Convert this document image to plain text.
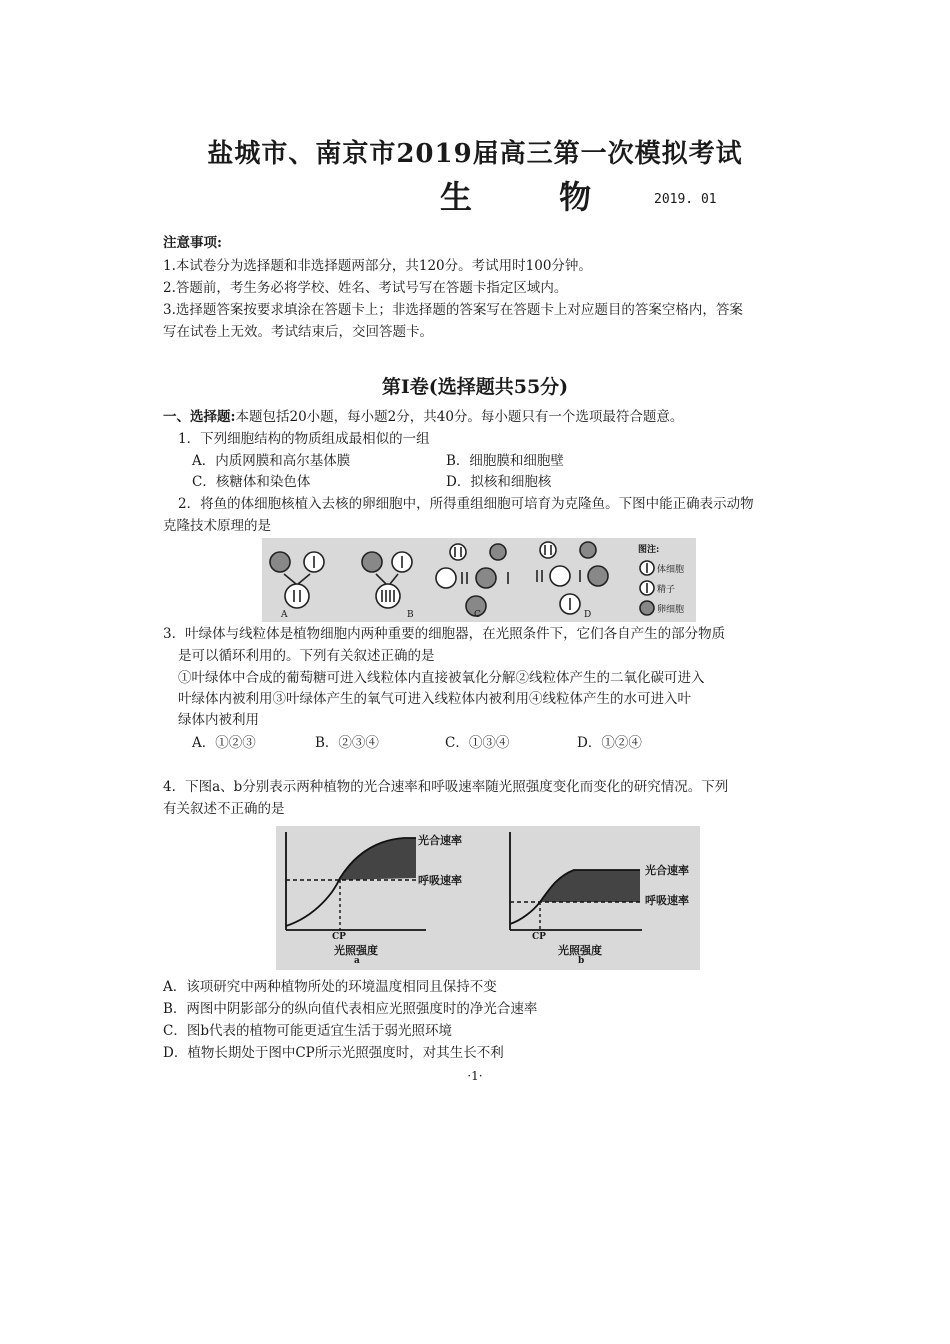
盐城市、南京市2019届高三第一次模拟考试
生 物 2019. 01
注意事项:
1.本试卷分为选择题和非选择题两部分，共120分。考试用时100分钟。
2.答题前，考生务必将学校、姓名、考试号写在答题卡指定区域内。
3.选择题答案按要求填涂在答题卡上；非选择题的答案写在答题卡上对应题目的答案空格内，答案
写在试卷上无效。考试结束后，交回答题卡。
第Ⅰ卷(选择题共55分)
一、选择题:本题包括20小题，每小题2分，共40分。每小题只有一个选项最符合题意。
1．下列细胞结构的物质组成最相似的一组
A．内质网膜和高尔基体膜	B．细胞膜和细胞壁
C．核糖体和染色体	D．拟核和细胞核
2．将鱼的体细胞核植入去核的卵细胞中，所得重组细胞可培育为克隆鱼。下图中能正确表示动物
克隆技术原理的是
A	B	C	D
图注:
体细胞
精子
卵细胞
3．叶绿体与线粒体是植物细胞内两种重要的细胞器，在光照条件下，它们各自产生的部分物质
是可以循环利用的。下列有关叙述正确的是
①叶绿体中合成的葡萄糖可进入线粒体内直接被氧化分解②线粒体产生的二氧化碳可进入
叶绿体内被利用③叶绿体产生的氧气可进入线粒体内被利用④线粒体产生的水可进入叶
绿体内被利用
A．①②③	B．②③④	C．①③④	D．①②④
4．下图a、b分别表示两种植物的光合速率和呼吸速率随光照强度变化而变化的研究情况。下列
有关叙述不正确的是
光合速率
呼吸速率
CP
光照强度
a
光合速率
呼吸速率
CP
光照强度
b
A．该项研究中两种植物所处的环境温度相同且保持不变
B．两图中阴影部分的纵向值代表相应光照强度时的净光合速率
C．图b代表的植物可能更适宜生活于弱光照环境
D．植物长期处于图中CP所示光照强度时，对其生长不利
·1·
